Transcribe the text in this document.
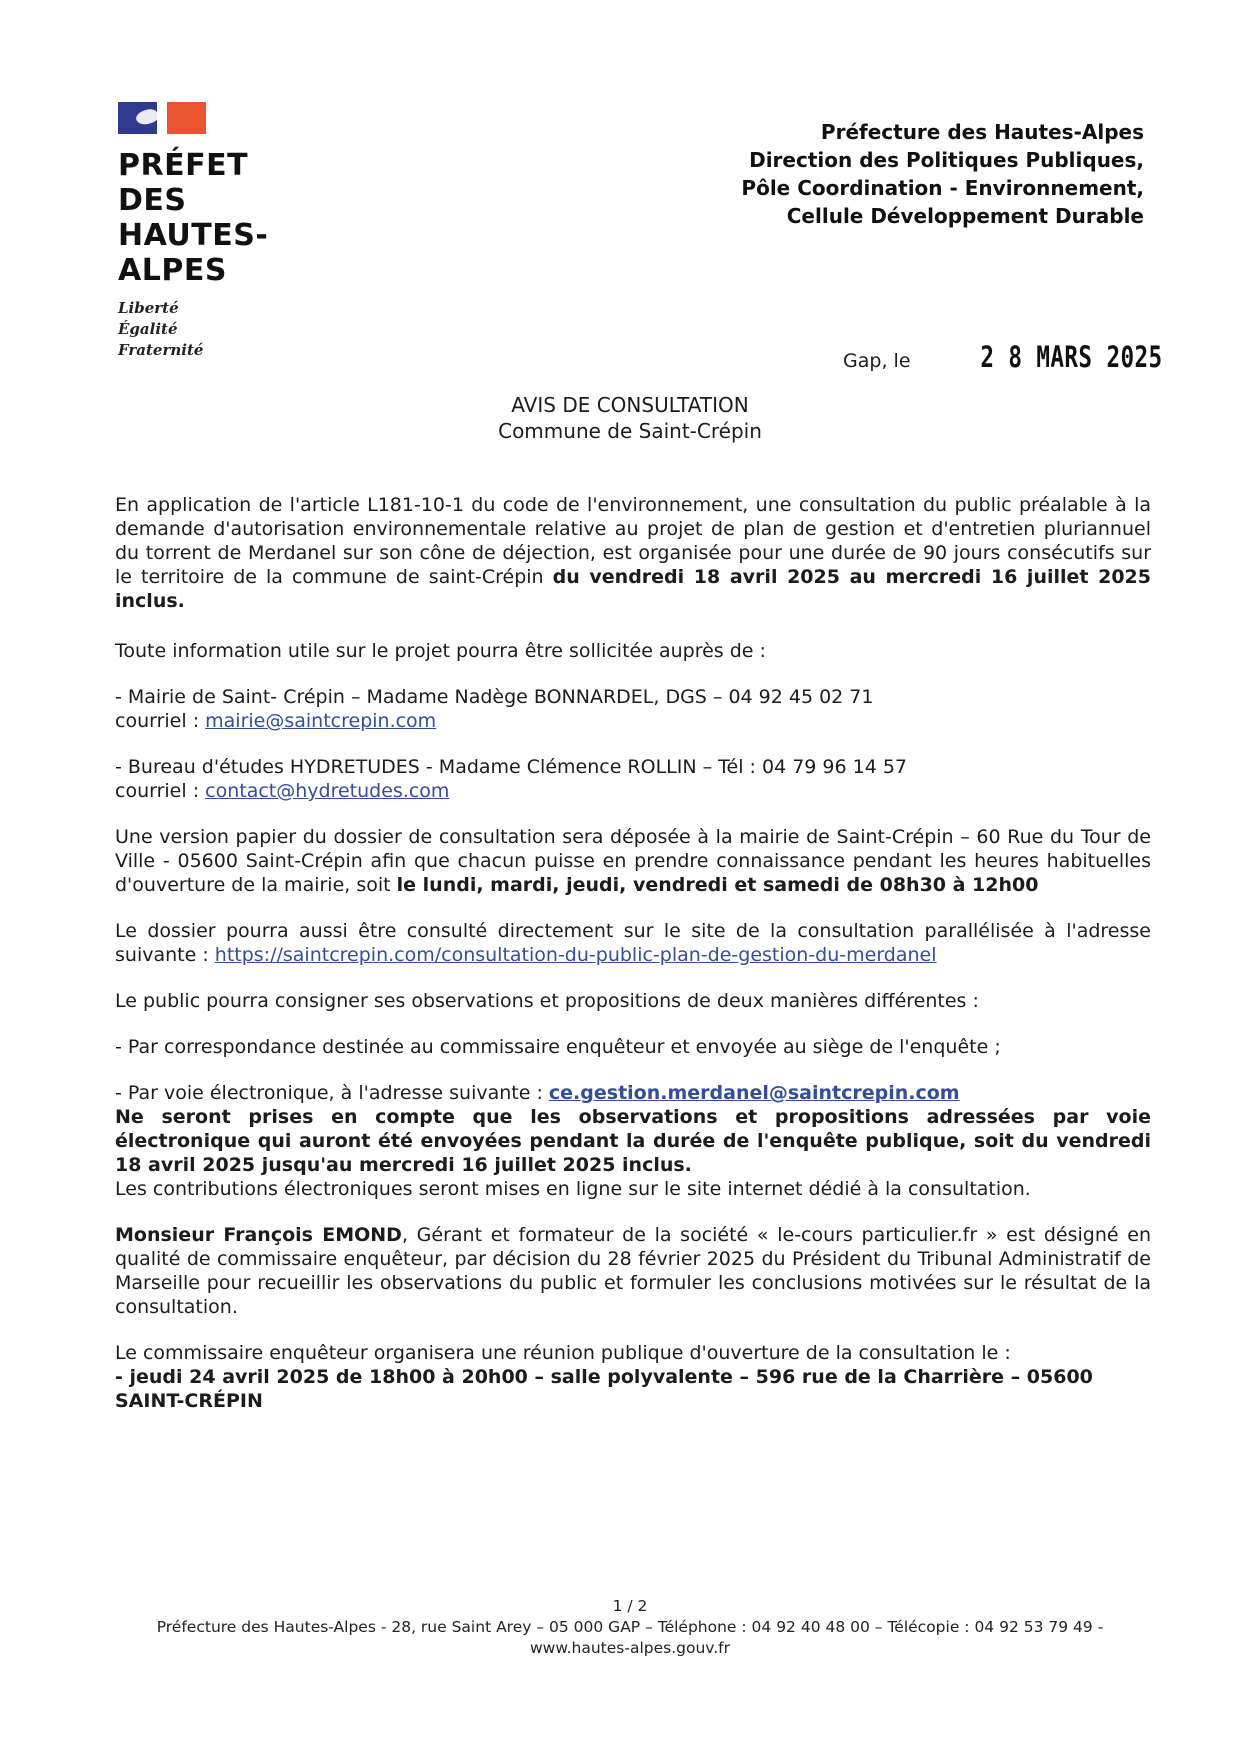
PRÉFET
DES HAUTES-
ALPES
Liberté
Égalité
Fraternité
Préfecture des Hautes-Alpes
Direction des Politiques Publiques,
Pôle Coordination - Environnement,
Cellule Développement Durable
Gap, le 2 8 MARS 2025
AVIS DE CONSULTATION
Commune de Saint-Crépin

En application de l'article L181-10-1 du code de l'environnement, une consultation du public préalable à la demande d'autorisation environnementale relative au projet de plan de gestion et d'entretien pluriannuel du torrent de Merdanel sur son cône de déjection, est organisée pour une durée de 90 jours consécutifs sur le territoire de la commune de saint-Crépin du vendredi 18 avril 2025 au mercredi 16 juillet 2025 inclus.

Toute information utile sur le projet pourra être sollicitée auprès de :

- Mairie de Saint- Crépin – Madame Nadège BONNARDEL, DGS – 04 92 45 02 71
courriel : mairie@saintcrepin.com

- Bureau d'études HYDRETUDES - Madame Clémence ROLLIN – Tél : 04 79 96 14 57
courriel : contact@hydretudes.com

Une version papier du dossier de consultation sera déposée à la mairie de Saint-Crépin – 60 Rue du Tour de Ville - 05600 Saint-Crépin afin que chacun puisse en prendre connaissance pendant les heures habituelles d'ouverture de la mairie, soit le lundi, mardi, jeudi, vendredi et samedi de 08h30 à 12h00

Le dossier pourra aussi être consulté directement sur le site de la consultation parallélisée à l'adresse suivante : https://saintcrepin.com/consultation-du-public-plan-de-gestion-du-merdanel

Le public pourra consigner ses observations et propositions de deux manières différentes :

- Par correspondance destinée au commissaire enquêteur et envoyée au siège de l'enquête ;

- Par voie électronique, à l'adresse suivante : ce.gestion.merdanel@saintcrepin.com
Ne seront prises en compte que les observations et propositions adressées par voie électronique qui auront été envoyées pendant la durée de l'enquête publique, soit du vendredi 18 avril 2025 jusqu'au mercredi 16 juillet 2025 inclus.
Les contributions électroniques seront mises en ligne sur le site internet dédié à la consultation.

Monsieur François EMOND, Gérant et formateur de la société « le-cours particulier.fr » est désigné en qualité de commissaire enquêteur, par décision du 28 février 2025 du Président du Tribunal Administratif de Marseille pour recueillir les observations du public et formuler les conclusions motivées sur le résultat de la consultation.

Le commissaire enquêteur organisera une réunion publique d'ouverture de la consultation le :
- jeudi 24 avril 2025 de 18h00 à 20h00 – salle polyvalente – 596 rue de la Charrière – 05600 SAINT-CRÉPIN

1 / 2
Préfecture des Hautes-Alpes - 28, rue Saint Arey – 05 000 GAP – Téléphone : 04 92 40 48 00 – Télécopie : 04 92 53 79 49 -
www.hautes-alpes.gouv.fr
